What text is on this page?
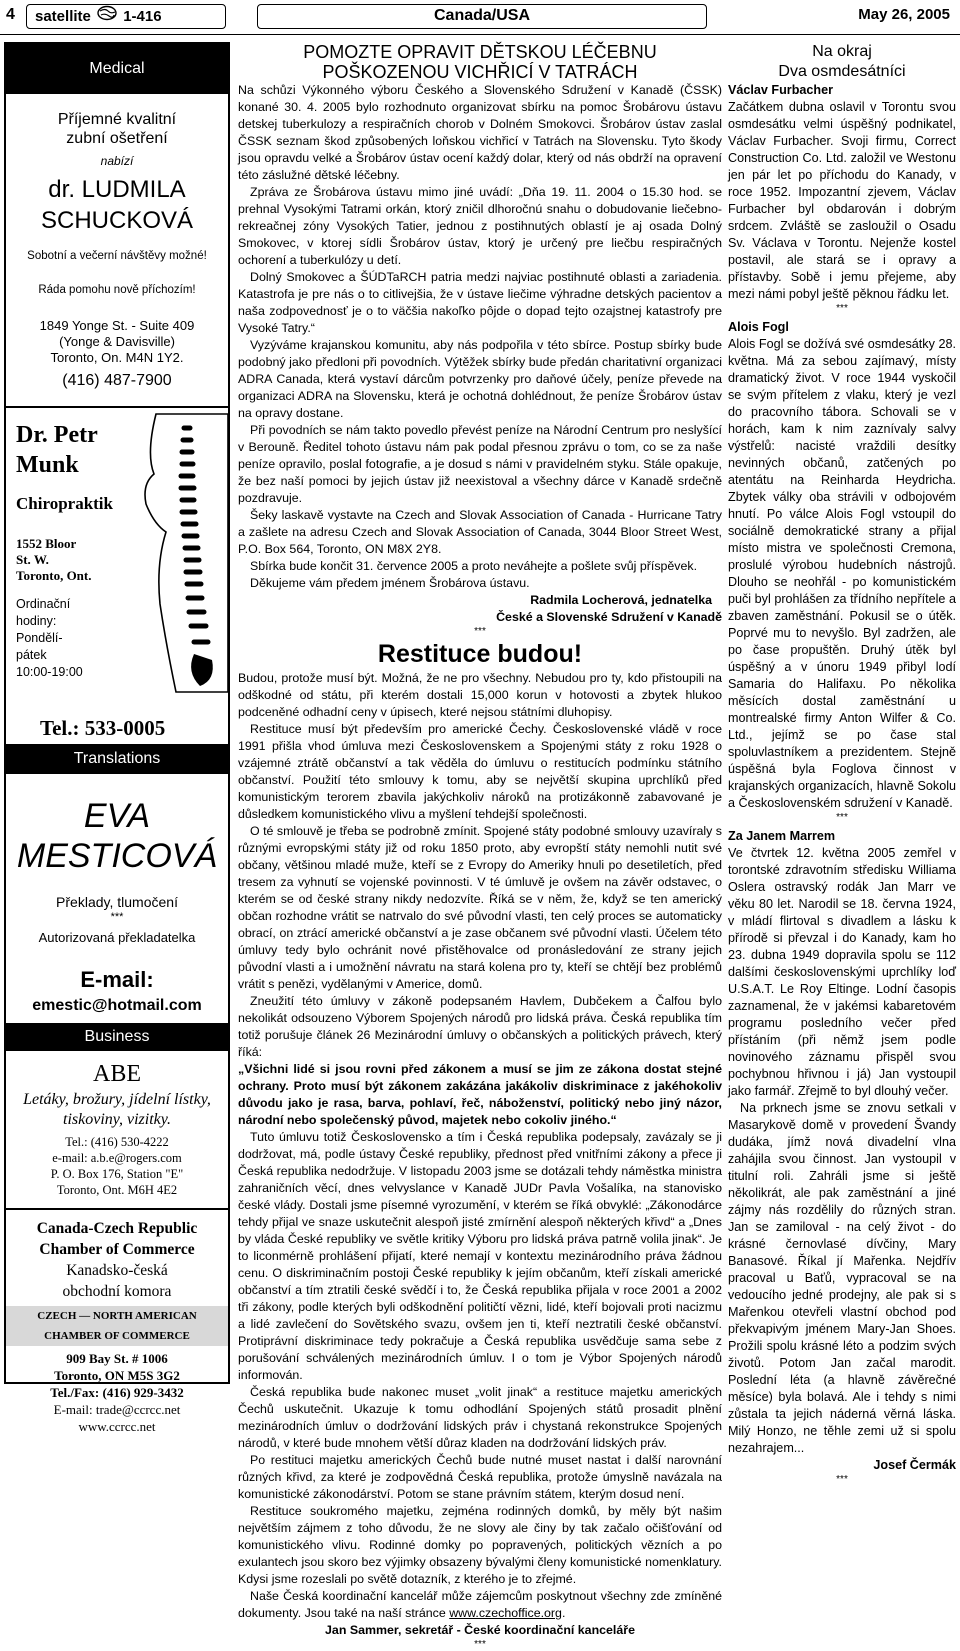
4	satellite 1-416	Canada/USA	May 26, 2005
Medical
Příjemné kvalitní
zubní ošetření
nabízí
dr. LUDMILA
SCHUCKOVÁ
Sobotní a večerní návštěvy možné!
Ráda pomohu nově příchozím!
1849 Yonge St. - Suite 409
(Yonge & Davisville)
Toronto, On. M4N 1Y2.
(416) 487-7900
Dr. Petr
Munk
Chiropraktik
1552 Bloor
St. W.
Toronto, Ont.
Ordinační
hodiny:
Pondělí-
pátek
10:00-19:00
Tel.: 533-0005
Translations
EVA
MESTICOVÁ
Překlady, tlumočení
***
Autorizovaná překladatelka
E-mail:
emestic@hotmail.com
Business
ABE
Letáky, brožury, jídelní lístky,
tiskoviny, vizitky.
Tel.: (416) 530-4222
e-mail: a.b.e@rogers.com
P. O. Box 176, Station "E"
Toronto, Ont. M6H 4E2
Canada-Czech Republic
Chamber of Commerce
Kanadsko-česká
obchodní komora
CZECH — NORTH AMERICAN
CHAMBER OF COMMERCE
909 Bay St. # 1006
Toronto, ON M5S 3G2
Tel./Fax: (416) 929-3432
E-mail: trade@ccrcc.net
www.ccrcc.net
POMOZTE OPRAVIT DĚTSKOU LÉČEBNU
POŠKOZENOU VICHŘICÍ V TATRÁCH

Na schůzi Výkonného výboru Českého a Slovenského Sdružení v Kanadě (ČSSK) konané 30. 4. 2005 bylo rozhodnuto organizovat sbírku na pomoc Šrobárovu ústavu detskej tuberkulozy a respiračních chorob v Dolném Smokovci. Šrobárov ústav zaslal ČSSK seznam škod způsobených loňskou vichřicí v Tatrách na Slovensku. Tyto škody jsou opravdu velké a Šrobárov ústav ocení každý dolar, který od nás obdrží na opravení této záslužné dětské léčebny.

Zpráva ze Šrobárova ústavu mimo jiné uvádí: „Dňa 19. 11. 2004 o 15.30 hod. se prehnal Vysokými Tatrami orkán, ktorý zničil dlhoročnú snahu o dobudovanie liečebno-rekreačnej zóny Vysokých Tatier, jednou z postihnutých oblastí je aj osada Dolný Smokovec, v ktorej sídli Šrobárov ústav, ktorý je určený pre liečbu respiračných ochorení a tuberkulózy u detí.

Dolný Smokovec a ŠÚDTaRCH patria medzi najviac postihnuté oblasti a zariadenia. Katastrofa je pre nás o to citlivejšia, že v ústave liečime výhradne detských pacientov a naša zodpovednosť je o to väčšia nakoľko pôjde o dopad tejto ozajstnej katastrofy pre Vysoké Tatry.“

Vyzýváme krajanskou komunitu, aby nás podpořila v této sbírce. Postup sbírky bude podobný jako předloni při povodních. Výtěžek sbírky bude předán charitativní organizaci ADRA Canada, která vystaví dárcům potvrzenky pro daňové účely, peníze převede na organizaci ADRA na Slovensku, která je ochotná dohlédnout, že peníze Šrobárov ústav na opravy dostane.

Při povodních se nám takto povedlo převést peníze na Národní Centrum pro neslyšící v Berouně. Ředitel tohoto ústavu nám pak podal přesnou zprávu o tom, co se za naše peníze opravilo, poslal fotografie, a je dosud s námi v pravidelném styku. Stále opakuje, že bez naší pomoci by jejich ústav již neexistoval a všechny dárce v Kanadě srdečně pozdravuje.

Šeky laskavě vystavte na Czech and Slovak Association of Canada - Hurricane Tatry a zašlete na adresu Czech and Slovak Association of Canada, 3044 Bloor Street West, P.O. Box 564, Toronto, ON M8X 2Y8.

Sbírka bude končit 31. července 2005 a proto neváhejte a pošlete svůj příspěvek.

Děkujeme vám předem jménem Šrobárova ústavu.

Radmila Locherová, jednatelka
České a Slovenské Sdružení v Kanadě
***
Restituce budou!

Budou, protože musí být. Možná, že ne pro všechny. Nebudou pro ty, kdo přistoupili na odškodné od státu, při kterém dostali 15,000 korun v hotovosti a zbytek hlukoo podceněné odhadní ceny v úpisech, které nejsou státními dluhopisy.

Restituce musí být především pro americké Čechy. Československé vládě v roce 1991 přišla vhod úmluva mezi Československem a Spojenými státy z roku 1928 o vzájemné ztrátě občanství a tak věděla do úmluvu o restitucích podmínku státního občanství. Použití této smlouvy k tomu, aby se největší skupina uprchlíků před komunistickým terorem zbavila jakýchkoliv nároků na protizákonně zabavované je důsledkem komunistického vlivu a myšlení tehdejší společnosti.

O té smlouvě je třeba se podrobně zmínit. Spojené státy podobné smlouvy uzavíraly s různými evropskými státy již od roku 1850 proto, aby evropští státy nemohli nutit své občany, většinou mladé muže, kteří se z Evropy do Ameriky hnuli po desetiletích, před tresem za vyhnutí se vojenské povinnosti. V té úmluvě je ovšem na závěr odstavec, o kterém se od české strany nikdy nedozvíte. Říká se v něm, že, když se ten americký občan rozhodne vrátit se natrvalo do své původní vlasti, ten celý proces se automaticky obrací, on ztrácí americké občanství a je zase občanem své původní vlasti. Účelem této úmluvy tedy bylo ochránit nové přistěhovalce od pronásledování ze strany jejich původní vlasti a i umožnění návratu na stará kolena pro ty, kteří se chtějí bez problémů vrátit s penězi, vydělanými v Americe, domů.

Zneužití této úmluvy v zákoně podepsaném Havlem, Dubčekem a Čalfou bylo nekolikát odsouzeno Výborem Spojených národů pro lidská práva. Česká republika tím totiž porušuje článek 26 Mezinárodní úmluvy o občanských a politických právech, který říká:

„Všichni lidé si jsou rovni před zákonem a musí se jim ze zákona dostat stejné ochrany. Proto musí být zákonem zakázána jakákoliv diskriminace z jakéhokoliv důvodu jako je rasa, barva, pohlaví, řeč, náboženství, politický nebo jiný názor, národní nebo společenský původ, majetek nebo cokoliv jiného.“

Tuto úmluvu totiž Československo a tím i Česká republika podepsaly, zavázaly se ji dodržovat, má, podle ústavy České republiky, přednost před vnitřními zákony a přece ji Česká republika nedodržuje. V listopadu 2003 jsme se dotázali tehdy náměstka ministra zahraničních věcí, dnes velvyslance v Kanadě JUDr Pavla Vošalíka, na stanovisko české vlády. Dostali jsme písemné vyrozumění, v kterém se říká obvyklé: „Zákonodárce tehdy přijal ve snaze uskutečnit alespoň jisté zmírnění alespoň některých křivd“ a „Dnes by vláda České republiky ve světle kritiky Výboru pro lidská práva patrně volila jinak“. Je to liconmérně prohlášení přijatí, které nemají v kontextu mezinárodního práva žádnou cenu. O diskriminačním postoji České republiky k jejím občanům, kteří získali americké občanství a tím ztratili české svědčí i to, že Česká republika přijala v roce 2001 a 2002 tři zákony, podle kterých byli odškodnění političtí vězni, lidé, kteří bojovali proti nacizmu a lidé zavlečení do Sovětského svazu, ovšem jen ti, kteří neztratili české občanství. Protiprávní diskriminace tedy pokračuje a Česká republika usvědčuje sama sebe z porušování schválených mezinárodních úmluv. I o tom je Výbor Spojených národů informován.

Česká republika bude nakonec muset „volit jinak“ a restituce majetku amerických Čechů uskutečnit. Ukazuje k tomu odhodlání Spojených států prosadit plnění mezinárodních úmluv o dodržování lidských práv i chystaná rekonstrukce Spojených národů, v které bude mnohem větší důraz kladen na dodržování lidských práv.

Po restituci majetku amerických Čechů bude nutné muset nastat i další narovnání různých křivd, za které je zodpovědná Česká republika, protože úmyslně navázala na komunistické zákonodárství. Potom se stane právním státem, kterým dosud není.

Restituce soukromého majetku, zejména rodinných domků, by měly být našim největším zájmem z toho důvodu, že ne slovy ale činy by tak začalo očišťování od komunistického vlivu. Rodinné domky po popravených, politických vězních a po exulantech jsou skoro bez výjimky obsazeny bývalými členy komunistické nomenklatury. Kdysi jsme rozeslali po světě dotazník, z kterého je to zřejmé.

Naše Česká koordinační kancelář může zájemcům poskytnout všechny zde zmíněné dokumenty. Jsou také na naší stránce www.czechoffice.org.

Jan Sammer, sekretář - České koordinační kanceláře
***
Na okraj
Dva osmdesátníci
Václav Furbacher

Začátkem dubna oslavil v Torontu svou osmdesátku velmi úspěšný podnikatel, Václav Furbacher. Svoji firmu, Correct Construction Co. Ltd. založil ve Westonu jen pár let po příchodu do Kanady, v roce 1952. Impozantní zjevem, Václav Furbacher byl obdarován i dobrým srdcem. Zvláště se zasloužil o Osadu Sv. Václava v Torontu. Nejenže kostel postavil, ale stará se i opravy a přístavby. Sobě i jemu přejeme, aby mezi námi pobyl ještě pěknou řádku let.

***
Alois Fogl

Alois Fogl se dožívá své osmdesátky 28. května. Má za sebou zajímavý, místy dramatický život. V roce 1944 vyskočil se svým přítelem z vlaku, který je vezl do pracovního tábora. Schovali se v horách, kam k nim zaznívaly salvy výstřelů: nacisté vraždili desítky nevinných občanů, zatčených po atentátu na Reinharda Heydricha. Zbytek války oba strávili v odbojovém hnutí. Po válce Alois Fogl vstoupil do sociálně demokratické strany a přijal místo mistra ve společnosti Cremona, proslulé výrobou hudebních nástrojů. Dlouho se neohřál - po komunistickém puči byl prohlášen za třídního nepřítele a zbaven zaměstnání. Pokusil se o útěk. Poprvé mu to nevyšlo. Byl zadržen, ale po čase propuštěn. Druhý útěk byl úspěšný a v únoru 1949 přibyl lodí Samaria do Halifaxu. Po několika měsících dostal zaměstnání u montrealské firmy Anton Wilfer & Co. Ltd., jejímž se po čase stal spoluvlastníkem a prezidentem. Stejně úspěšná byla Foglova činnost v krajanských organizacích, hlavně Sokolu a Československém sdružení v Kanadě.

***
Za Janem Marrem

Ve čtvrtek 12. května 2005 zemřel v torontské zdravotním středisku Williama Oslera ostravský rodák Jan Marr ve věku 80 let. Narodil se 18. června 1924, v mládí flirtoval s divadlem a lásku k přírodě si převzal i do Kanady, kam ho 23. dubna 1949 dopravila spolu se 112 dalšími československými uprchlíky loď U.S.A.T. Le Roy Eltinge. Lodní časopis zaznamenal, že v jakémsi kabaretovém programu posledního večer před přístáním (při němž jsem podle novinového záznamu přispěl svou pochybnou hřivnou i já) Jan vystoupil jako farmář. Zřejmě to byl dlouhý večer.

Na prknech jsme se znovu setkali v Masarykově domě v provedení Švandy dudáka, jímž nová divadelní vlna zahájila svou činnost. Jan vystoupil v titulní roli. Zahráli jsme si ještě několikrát, ale pak zaměstnání a jiné zájmy nás rozdělily do různých stran. Jan se zamiloval - na celý život - do krásné černovlasé dívčiny, Mary Banasové. Říkal jí Mařenka. Nejdřív pracoval u Baťů, vypracoval se na vedoucího jedné prodejny, ale pak si s Mařenkou otevřeli vlastní obchod pod překvapivým jménem Mary-Jan Shoes. Prožili spolu krásné léto a podzim svých životů. Potom Jan začal marodit. Poslední léta (a hlavně závěrečné měsíce) byla bolavá. Ale i tehdy s nimi zůstala ta jejich náderná věrná láska. Milý Honzo, ne těhle zemi už si spolu nezahrajem...

Josef Čermák
***
